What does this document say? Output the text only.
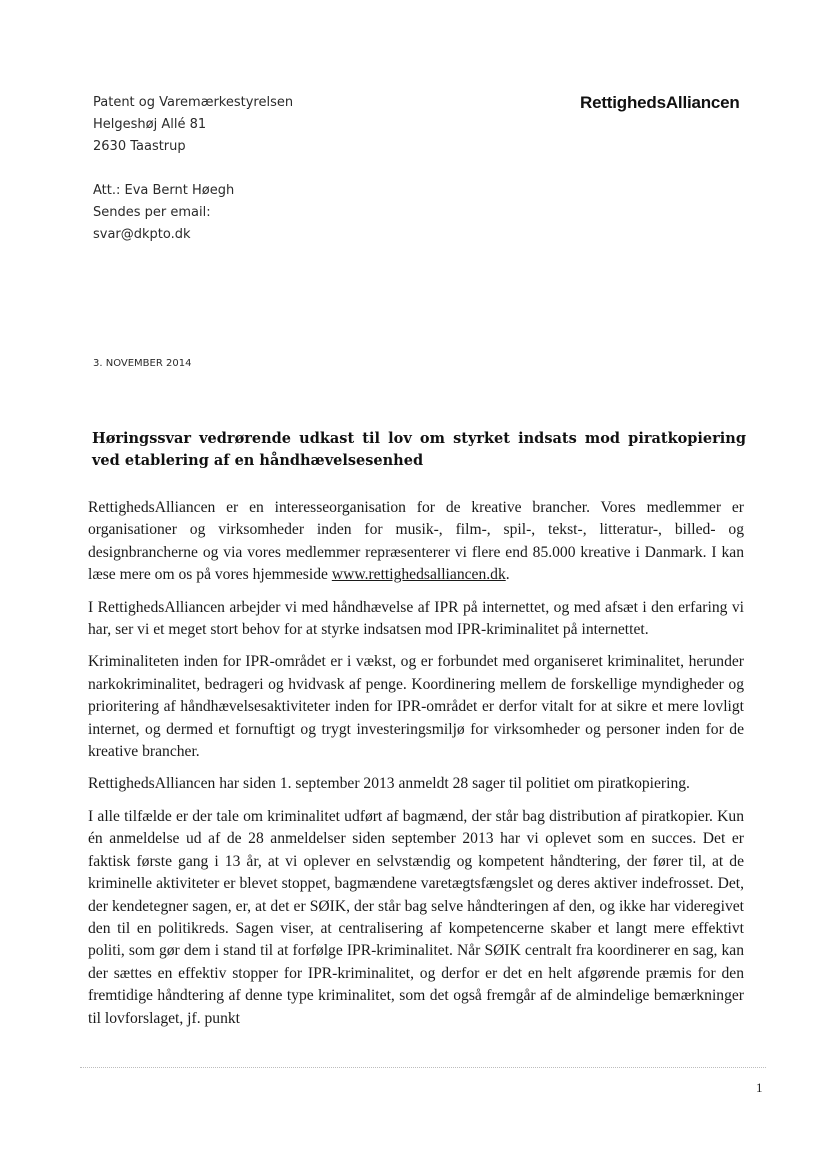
Patent og Varemærkestyrelsen
Helgeshøj Allé 81
2630 Taastrup
Att.: Eva Bernt Høegh
Sendes per email:
svar@dkpto.dk
RettighedsAlliancen
3. NOVEMBER 2014
Høringssvar vedrørende udkast til lov om styrket indsats mod piratkopiering ved etablering af en håndhævelsesenhed

RettighedsAlliancen er en interesseorganisation for de kreative brancher. Vores medlemmer er organisationer og virksomheder inden for musik-, film-, spil-, tekst-, litteratur-, billed- og designbrancherne og via vores medlemmer repræsenterer vi flere end 85.000 kreative i Danmark. I kan læse mere om os på vores hjemmeside www.rettighedsalliancen.dk.

I RettighedsAlliancen arbejder vi med håndhævelse af IPR på internettet, og med afsæt i den erfaring vi har, ser vi et meget stort behov for at styrke indsatsen mod IPR-kriminalitet på internettet.

Kriminaliteten inden for IPR-området er i vækst, og er forbundet med organiseret kriminalitet, herunder narkokriminalitet, bedrageri og hvidvask af penge. Koordinering mellem de forskellige myndigheder og prioritering af håndhævelsesaktiviteter inden for IPR-området er derfor vitalt for at sikre et mere lovligt internet, og dermed et fornuftigt og trygt investeringsmiljø for virksomheder og personer inden for de kreative brancher.

RettighedsAlliancen har siden 1. september 2013 anmeldt 28 sager til politiet om piratkopiering.

I alle tilfælde er der tale om kriminalitet udført af bagmænd, der står bag distribution af piratkopier. Kun én anmeldelse ud af de 28 anmeldelser siden september 2013 har vi oplevet som en succes. Det er faktisk første gang i 13 år, at vi oplever en selvstændig og kompetent håndtering, der fører til, at de kriminelle aktiviteter er blevet stoppet, bagmændene varetægtsfængslet og deres aktiver indefrosset. Det, der kendetegner sagen, er, at det er SØIK, der står bag selve håndteringen af den, og ikke har videregivet den til en politikreds. Sagen viser, at centralisering af kompetencerne skaber et langt mere effektivt politi, som gør dem i stand til at forfølge IPR-kriminalitet. Når SØIK centralt fra koordinerer en sag, kan der sættes en effektiv stopper for IPR-kriminalitet, og derfor er det en helt afgørende præmis for den fremtidige håndtering af denne type kriminalitet, som det også fremgår af de almindelige bemærkninger til lovforslaget, jf. punkt

1
